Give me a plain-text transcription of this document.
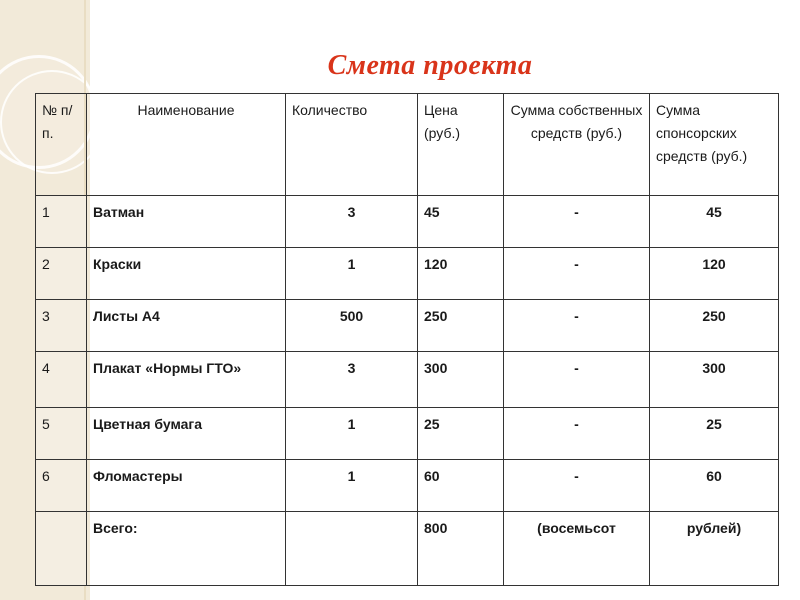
Смета проекта
№ п/п.	Наименование	Количество	Цена (руб.)	Сумма собственных средств (руб.)	Сумма спонсорских средств (руб.)
1	Ватман	3	45	-	45
2	Краски	1	120	-	120
3	Листы А4	500	250	-	250
4	Плакат «Нормы ГТО»	3	300	-	300
5	Цветная бумага	1	25	-	25
6	Фломастеры	1	60	-	60
	Всего:		800	(восемьсот	рублей)
